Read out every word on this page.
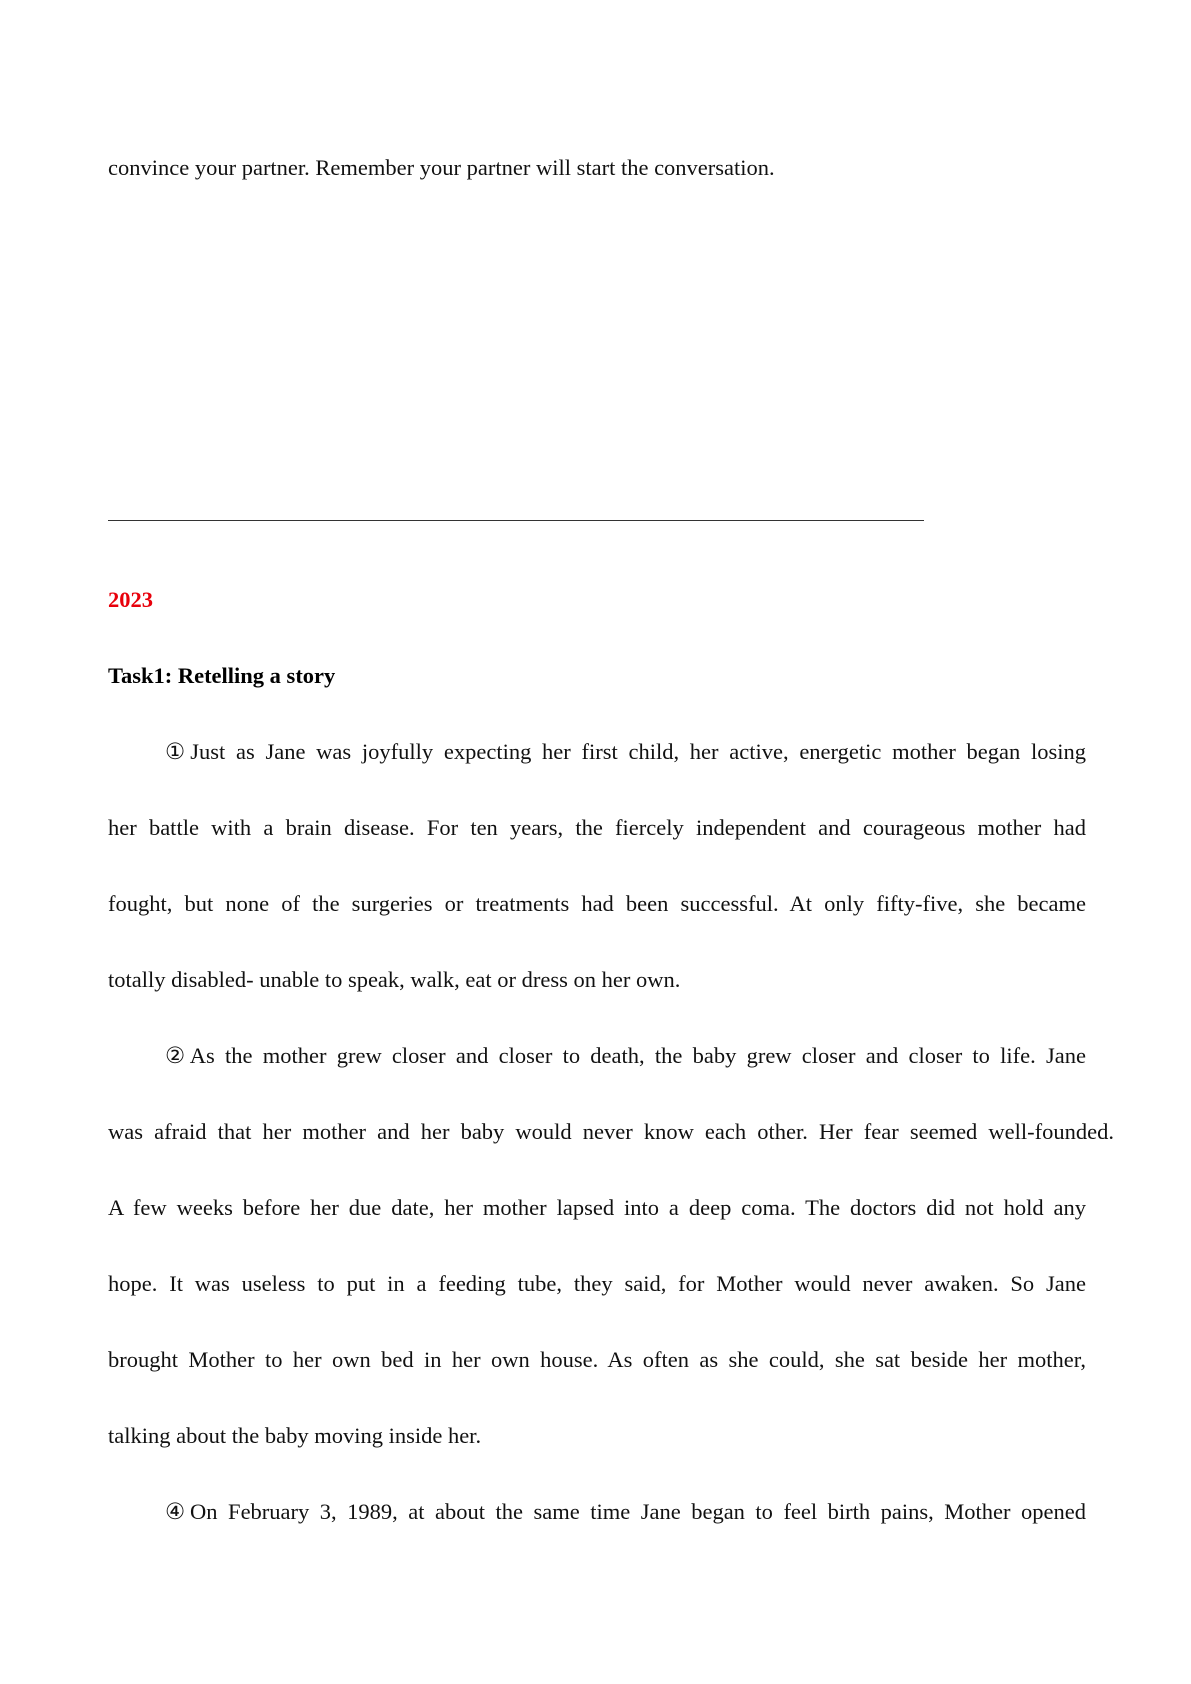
convince your partner. Remember your partner will start the conversation.
2023
Task1: Retelling a story
①Just as Jane was joyfully expecting her first child, her active, energetic mother began losing
her battle with a brain disease. For ten years, the fiercely independent and courageous mother had
fought, but none of the surgeries or treatments had been successful. At only fifty-five, she became
totally disabled- unable to speak, walk, eat or dress on her own.
②As the mother grew closer and closer to death, the baby grew closer and closer to life. Jane
was afraid that her mother and her baby would never know each other. Her fear seemed well-founded.
A few weeks before her due date, her mother lapsed into a deep coma. The doctors did not hold any
hope. It was useless to put in a feeding tube, they said, for Mother would never awaken. So Jane
brought Mother to her own bed in her own house. As often as she could, she sat beside her mother,
talking about the baby moving inside her.
④On February 3, 1989, at about the same time Jane began to feel birth pains, Mother opened
